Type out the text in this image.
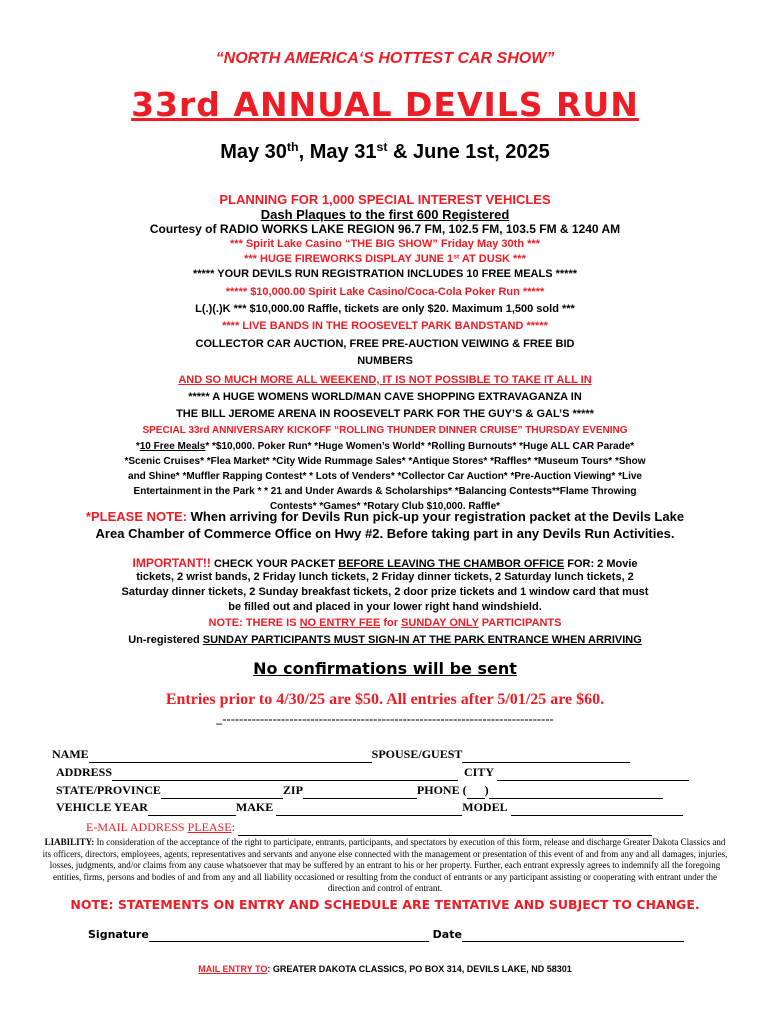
“NORTH AMERICA‘S HOTTEST CAR SHOW”
33rd ANNUAL DEVILS RUN
May 30th, May 31st & June 1st, 2025
PLANNING FOR 1,000 SPECIAL INTEREST VEHICLES
Dash Plaques to the first 600 Registered
Courtesy of RADIO WORKS LAKE REGION 96.7 FM, 102.5 FM, 103.5 FM & 1240 AM
*** Spirit Lake Casino “THE BIG SHOW” Friday May 30th ***
*** HUGE FIREWORKS DISPLAY JUNE 1st AT DUSK ***
***** YOUR DEVILS RUN REGISTRATION INCLUDES 10 FREE MEALS *****
***** $10,000.00 Spirit Lake Casino/Coca-Cola Poker Run *****
L(.)(.)K *** $10,000.00 Raffle, tickets are only $20. Maximum 1,500 sold ***
**** LIVE BANDS IN THE ROOSEVELT PARK BANDSTAND *****
COLLECTOR CAR AUCTION, FREE PRE-AUCTION VEIWING & FREE BID
NUMBERS
AND SO MUCH MORE ALL WEEKEND, IT IS NOT POSSIBLE TO TAKE IT ALL IN
***** A HUGE WOMENS WORLD/MAN CAVE SHOPPING EXTRAVAGANZA IN
THE BILL JEROME ARENA IN ROOSEVELT PARK FOR THE GUY’S & GAL’S *****
SPECIAL 33rd ANNIVERSARY KICKOFF “ROLLING THUNDER DINNER CRUISE” THURSDAY EVENING
*10 Free Meals* *$10,000. Poker Run* *Huge Women’s World* *Rolling Burnouts* *Huge ALL CAR Parade*
*Scenic Cruises* *Flea Market* *City Wide Rummage Sales* *Antique Stores* *Raffles* *Museum Tours* *Show
and Shine* *Muffler Rapping Contest* * Lots of Venders* *Collector Car Auction* *Pre-Auction Viewing* *Live
Entertainment in the Park * * 21 and Under Awards & Scholarships* *Balancing Contests**Flame Throwing
Contests* *Games* *Rotary Club $10,000. Raffle*
*PLEASE NOTE: When arriving for Devils Run pick-up your registration packet at the Devils Lake
Area Chamber of Commerce Office on Hwy #2. Before taking part in any Devils Run Activities.
IMPORTANT!! CHECK YOUR PACKET BEFORE LEAVING THE CHAMBOR OFFICE FOR: 2 Movie
tickets, 2 wrist bands, 2 Friday lunch tickets, 2 Friday dinner tickets, 2 Saturday lunch tickets, 2
Saturday dinner tickets, 2 Sunday breakfast tickets, 2 door prize tickets and 1 window card that must
be filled out and placed in your lower right hand windshield.
NOTE: THERE IS NO ENTRY FEE for SUNDAY ONLY PARTICIPANTS
Un-registered SUNDAY PARTICIPANTS MUST SIGN-IN AT THE PARK ENTRANCE WHEN ARRIVING
No confirmations will be sent
Entries prior to 4/30/25 are $50. All entries after 5/01/25 are $60.
_-------------------------------------------------------------------------------
NAME	SPOUSE/GUEST
ADDRESS	CITY
STATE/PROVINCE	ZIP	PHONE ( )
VEHICLE YEAR	MAKE	MODEL
E-MAIL ADDRESS PLEASE:
LIABILITY: In consideration of the acceptance of the right to participate, entrants, participants, and spectators by execution of this form, release and discharge Greater Dakota Classics and its officers, directors, employees, agents, representatives and servants and anyone else connected with the management or presentation of this event of and from any and all damages, injuries, losses, judgments, and/or claims from any cause whatsoever that may be suffered by an entrant to his or her property. Further, each entrant expressly agrees to indemnify all the foregoing entities, firms, persons and bodies of and from any and all liability occasioned or resulting from the conduct of entrants or any participant assisting or cooperating with entrant under the direction and control of entrant.
NOTE: STATEMENTS ON ENTRY AND SCHEDULE ARE TENTATIVE AND SUBJECT TO CHANGE.
Signature	Date
MAIL ENTRY TO: GREATER DAKOTA CLASSICS, PO BOX 314, DEVILS LAKE, ND 58301
